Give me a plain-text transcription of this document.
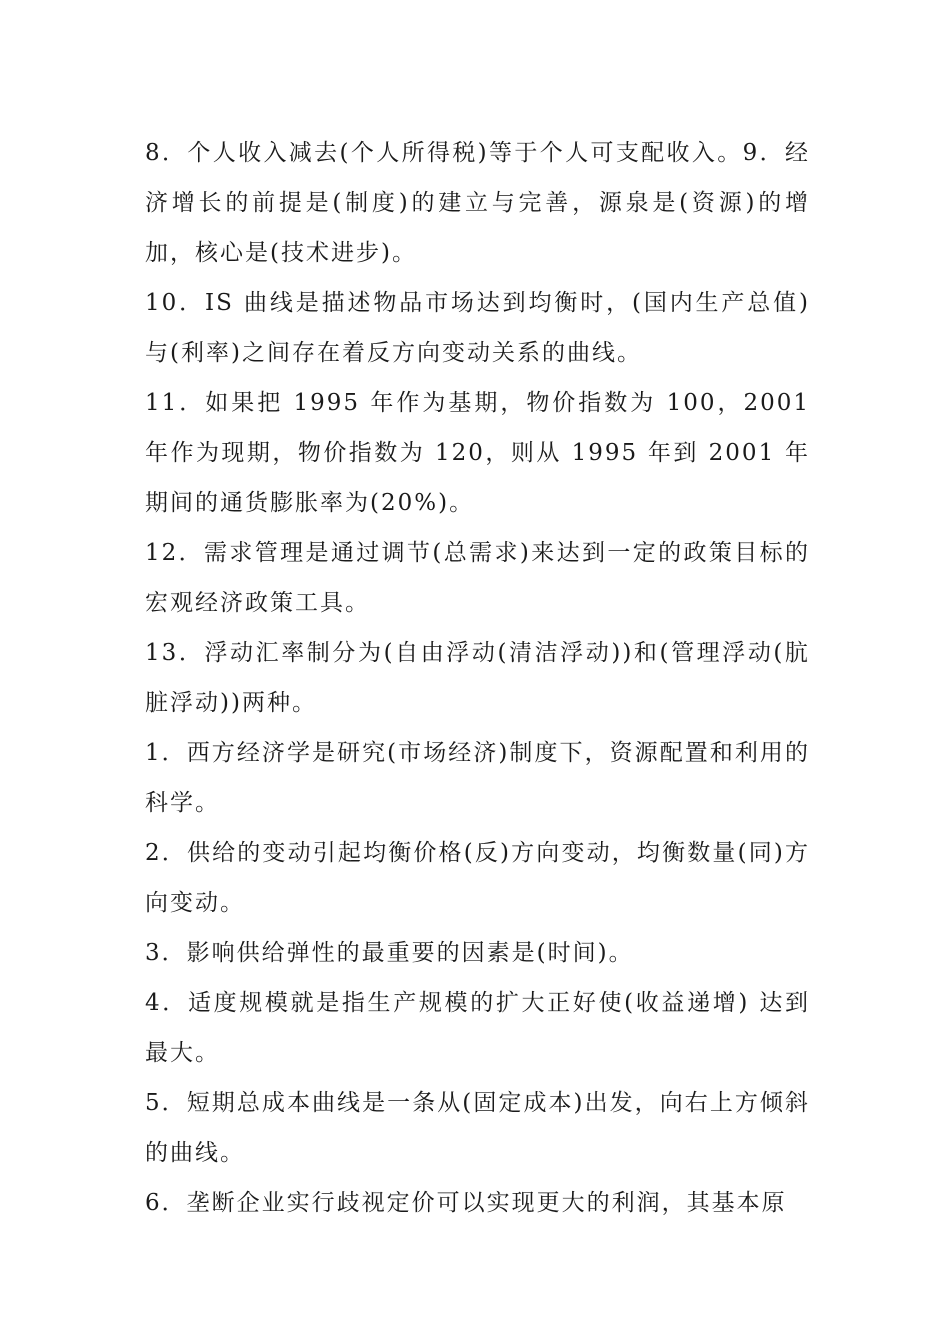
8．个人收入减去(个人所得税)等于个人可支配收入。9．经济增长的前提是(制度)的建立与完善，源泉是(资源)的增加，核心是(技术进步)。

10．IS 曲线是描述物品市场达到均衡时，(国内生产总值)与(利率)之间存在着反方向变动关系的曲线。

11．如果把 1995 年作为基期，物价指数为 100，2001 年作为现期，物价指数为 120，则从 1995 年到 2001 年期间的通货膨胀率为(20%)。

12．需求管理是通过调节(总需求)来达到一定的政策目标的宏观经济政策工具。

13．浮动汇率制分为(自由浮动(清洁浮动))和(管理浮动(肮脏浮动))两种。

1．西方经济学是研究(市场经济)制度下，资源配置和利用的科学。

2．供给的变动引起均衡价格(反)方向变动，均衡数量(同)方向变动。

3．影响供给弹性的最重要的因素是(时间)。

4．适度规模就是指生产规模的扩大正好使(收益递增) 达到最大。

5．短期总成本曲线是一条从(固定成本)出发，向右上方倾斜的曲线。

6．垄断企业实行歧视定价可以实现更大的利润，其基本原
